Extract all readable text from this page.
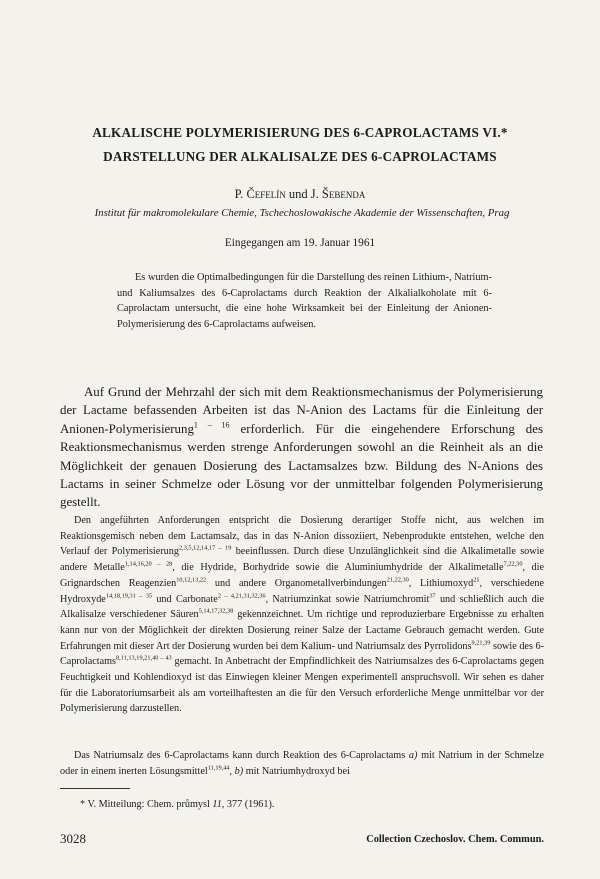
ALKALISCHE POLYMERISIERUNG DES 6-CAPROLACTAMS VI.*
DARSTELLUNG DER ALKALISALZE DES 6-CAPROLACTAMS
P. Čefelín und J. Šebenda
Institut für makromolekulare Chemie, Tschechoslowakische Akademie der Wissenschaften, Prag
Eingegangen am 19. Januar 1961

Es wurden die Optimalbedingungen für die Darstellung des reinen Lithium-, Natrium- und Kaliumsalzes des 6-Caprolactams durch Reaktion der Alkalialkoholate mit 6-Caprolactam untersucht, die eine hohe Wirksamkeit bei der Einleitung der Anionen-Polymerisierung des 6-Caprolactams aufweisen.

Auf Grund der Mehrzahl der sich mit dem Reaktionsmechanismus der Polymerisierung der Lactame befassenden Arbeiten ist das N-Anion des Lactams für die Einleitung der Anionen-Polymerisierung$^{1 - 16}$ erforderlich. Für die eingehendere Erforschung des Reaktionsmechanismus werden strenge Anforderungen sowohl an die Reinheit als an die Möglichkeit der genauen Dosierung des Lactamsalzes bzw. Bildung des N-Anions des Lactams in seiner Schmelze oder Lösung vor der unmittelbar folgenden Polymerisierung gestellt.

Den angeführten Anforderungen entspricht die Dosierung derartiger Stoffe nicht, aus welchen im Reaktionsgemisch neben dem Lactamsalz, das in das N-Anion dissoziiert, Nebenprodukte entstehen, welche den Verlauf der Polymerisierung$^{2,3,5,12,14,17 - 19}$ beeinflussen. Durch diese Unzulänglichkeit sind die Alkalimetalle sowie andere Metalle$^{1,14,16,20 - 28}$, die Hydride, Borhydride sowie die Aluminiumhydride der Alkalimetalle$^{7,22,30}$, die Grignardschen Reagenzien$^{10,12,13,22}$ und andere Organometallverbindungen$^{21,22,30}$, Lithiumoxyd$^{21}$, verschiedene Hydroxyde$^{14,18,19,31 - 35}$ und Carbonate$^{2 - 4,21,31,32,36}$, Natriumzinkat sowie Natriumchromit$^{37}$ und schließlich auch die Alkalisalze verschiedener Säuren$^{5,14,17,32,38}$ gekennzeichnet. Um richtige und reproduzierbare Ergebnisse zu erhalten kann nur von der Möglichkeit der direkten Dosierung reiner Salze der Lactame Gebrauch gemacht werden. Gute Erfahrungen mit dieser Art der Dosierung wurden bei dem Kalium- und Natriumsalz des Pyrrolidons$^{9,21,39}$ sowie des 6-Caprolactams$^{8,11,13,19,21,40 - 43}$ gemacht. In Anbetracht der Empfindlichkeit des Natriumsalzes des 6-Caprolactams gegen Feuchtigkeit und Kohlendioxyd ist das Einwiegen kleiner Mengen experimentell anspruchsvoll. Wir sehen es daher für die Laboratoriumsarbeit als am vorteilhaftesten an die für den Versuch erforderliche Menge unmittelbar vor der Polymerisierung darzustellen.

Das Natriumsalz des 6-Caprolactams kann durch Reaktion des 6-Caprolactams a) mit Natrium in der Schmelze oder in einem inerten Lösungsmittel$^{11,19,44}$, b) mit Natriumhydroxyd bei

* V. Mitteilung: Chem. průmysl 11, 377 (1961).
3028	Collection Czechoslov. Chem. Commun.
